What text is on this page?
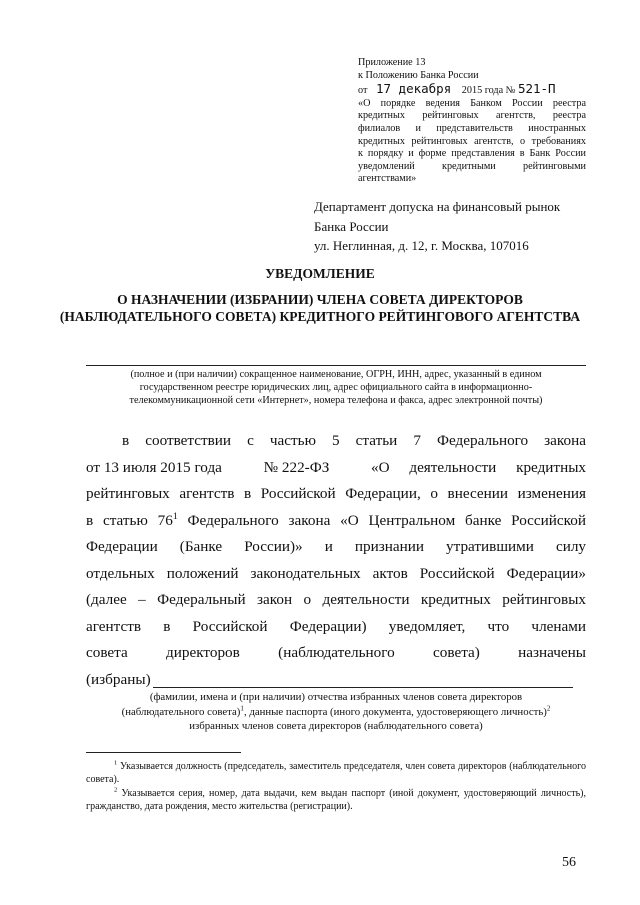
Приложение 13
к Положению Банка России
от 17 декабря 2015 года № 521-П
«О порядке ведения Банком России реестра
кредитных рейтинговых агентств, реестра
филиалов и представительств иностранных
кредитных рейтинговых агентств, о требованиях
к порядку и форме представления в Банк России
уведомлений кредитными рейтинговыми
агентствами»
Департамент допуска на финансовый рынок
Банка России
ул. Неглинная, д. 12, г. Москва, 107016
УВЕДОМЛЕНИЕ
О НАЗНАЧЕНИИ (ИЗБРАНИИ) ЧЛЕНА СОВЕТА ДИРЕКТОРОВ
(НАБЛЮДАТЕЛЬНОГО СОВЕТА) КРЕДИТНОГО РЕЙТИНГОВОГО АГЕНТСТВА
(полное и (при наличии) сокращенное наименование, ОГРН, ИНН, адрес, указанный в едином
государственном реестре юридических лиц, адрес официального сайта в информационно-
телекоммуникационной сети «Интернет», номера телефона и факса, адрес электронной почты)
в соответствии с частью 5 статьи 7 Федерального закона
от 13 июля 2015 года	№ 222-ФЗ	«О деятельности кредитных
рейтинговых агентств в Российской Федерации, о внесении изменения
в статью $76^1$ Федерального закона «О Центральном банке Российской
Федерации (Банке России)» и признании утратившими силу
отдельных положений законодательных актов Российской Федерации»
(далее – Федеральный закон о деятельности кредитных рейтинговых
агентств в Российской Федерации) уведомляет, что членами
совета директоров (наблюдательного совета) назначены
(избраны)
(фамилии, имена и (при наличии) отчества избранных членов совета директоров
(наблюдательного совета)$^1$, данные паспорта (иного документа, удостоверяющего личность)$^2$
избранных членов совета директоров (наблюдательного совета)
$^1$ Указывается должность (председатель, заместитель председателя, член совета директоров (наблюдательного совета).
$^2$ Указывается серия, номер, дата выдачи, кем выдан паспорт (иной документ, удостоверяющий личность), гражданство, дата рождения, место жительства (регистрации).
56
